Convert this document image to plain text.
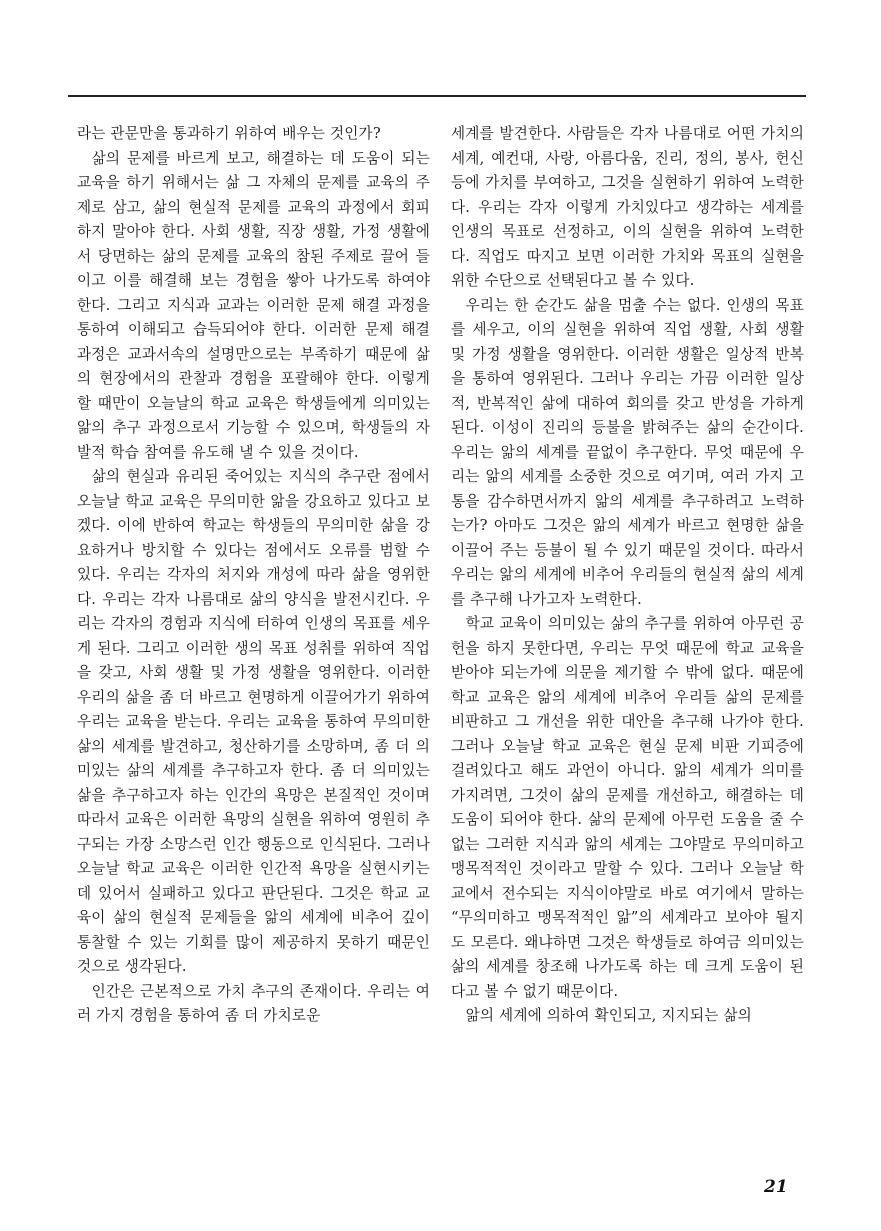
라는 관문만을 통과하기 위하여 배우는 것인가?

삶의 문제를 바르게 보고, 해결하는 데 도움이 되는 교육을 하기 위해서는 삶 그 자체의 문제를 교육의 주제로 삼고, 삶의 현실적 문제를 교육의 과정에서 회피하지 말아야 한다. 사회 생활, 직장 생활, 가정 생활에서 당면하는 삶의 문제를 교육의 참된 주제로 끌어 들이고 이를 해결해 보는 경험을 쌓아 나가도록 하여야 한다. 그리고 지식과 교과는 이러한 문제 해결 과정을 통하여 이해되고 습득되어야 한다. 이러한 문제 해결 과정은 교과서속의 설명만으로는 부족하기 때문에 삶의 현장에서의 관찰과 경험을 포괄해야 한다. 이렇게 할 때만이 오늘날의 학교 교육은 학생들에게 의미있는 앎의 추구 과정으로서 기능할 수 있으며, 학생들의 자발적 학습 참여를 유도해 낼 수 있을 것이다.

삶의 현실과 유리된 죽어있는 지식의 추구란 점에서 오늘날 학교 교육은 무의미한 앎을 강요하고 있다고 보겠다. 이에 반하여 학교는 학생들의 무의미한 삶을 강요하거나 방치할 수 있다는 점에서도 오류를 범할 수 있다. 우리는 각자의 처지와 개성에 따라 삶을 영위한다. 우리는 각자 나름대로 삶의 양식을 발전시킨다. 우리는 각자의 경험과 지식에 터하여 인생의 목표를 세우게 된다. 그리고 이러한 생의 목표 성취를 위하여 직업을 갖고, 사회 생활 및 가정 생활을 영위한다. 이러한 우리의 삶을 좀 더 바르고 현명하게 이끌어가기 위하여 우리는 교육을 받는다. 우리는 교육을 통하여 무의미한 삶의 세계를 발견하고, 청산하기를 소망하며, 좀 더 의미있는 삶의 세계를 추구하고자 한다. 좀 더 의미있는 삶을 추구하고자 하는 인간의 욕망은 본질적인 것이며 따라서 교육은 이러한 욕망의 실현을 위하여 영원히 추구되는 가장 소망스런 인간 행동으로 인식된다. 그러나 오늘날 학교 교육은 이러한 인간적 욕망을 실현시키는 데 있어서 실패하고 있다고 판단된다. 그것은 학교 교육이 삶의 현실적 문제들을 앎의 세계에 비추어 깊이 통찰할 수 있는 기회를 많이 제공하지 못하기 때문인 것으로 생각된다.

인간은 근본적으로 가치 추구의 존재이다. 우리는 여러 가지 경험을 통하여 좀 더 가치로운

세계를 발견한다. 사람들은 각자 나름대로 어떤 가치의 세계, 예컨대, 사랑, 아름다움, 진리, 정의, 봉사, 헌신 등에 가치를 부여하고, 그것을 실현하기 위하여 노력한다. 우리는 각자 이렇게 가치있다고 생각하는 세계를 인생의 목표로 선정하고, 이의 실현을 위하여 노력한다. 직업도 따지고 보면 이러한 가치와 목표의 실현을 위한 수단으로 선택된다고 볼 수 있다.

우리는 한 순간도 삶을 멈출 수는 없다. 인생의 목표를 세우고, 이의 실현을 위하여 직업 생활, 사회 생활 및 가정 생활을 영위한다. 이러한 생활은 일상적 반복을 통하여 영위된다. 그러나 우리는 가끔 이러한 일상적, 반복적인 삶에 대하여 회의를 갖고 반성을 가하게 된다. 이성이 진리의 등불을 밝혀주는 삶의 순간이다. 우리는 앎의 세계를 끝없이 추구한다. 무엇 때문에 우리는 앎의 세계를 소중한 것으로 여기며, 여러 가지 고통을 감수하면서까지 앎의 세계를 추구하려고 노력하는가? 아마도 그것은 앎의 세계가 바르고 현명한 삶을 이끌어 주는 등불이 될 수 있기 때문일 것이다. 따라서 우리는 앎의 세계에 비추어 우리들의 현실적 삶의 세계를 추구해 나가고자 노력한다.

학교 교육이 의미있는 삶의 추구를 위하여 아무런 공헌을 하지 못한다면, 우리는 무엇 때문에 학교 교육을 받아야 되는가에 의문을 제기할 수 밖에 없다. 때문에 학교 교육은 앎의 세계에 비추어 우리들 삶의 문제를 비판하고 그 개선을 위한 대안을 추구해 나가야 한다. 그러나 오늘날 학교 교육은 현실 문제 비판 기피증에 걸려있다고 해도 과언이 아니다. 앎의 세계가 의미를 가지려면, 그것이 삶의 문제를 개선하고, 해결하는 데 도움이 되어야 한다. 삶의 문제에 아무런 도움을 줄 수 없는 그러한 지식과 앎의 세계는 그야말로 무의미하고 맹목적적인 것이라고 말할 수 있다. 그러나 오늘날 학교에서 전수되는 지식이야말로 바로 여기에서 말하는 “무의미하고 맹목적적인 앎”의 세계라고 보아야 될지도 모른다. 왜냐하면 그것은 학생들로 하여금 의미있는 삶의 세계를 창조해 나가도록 하는 데 크게 도움이 된다고 볼 수 없기 때문이다.

앎의 세계에 의하여 확인되고, 지지되는 삶의

21
